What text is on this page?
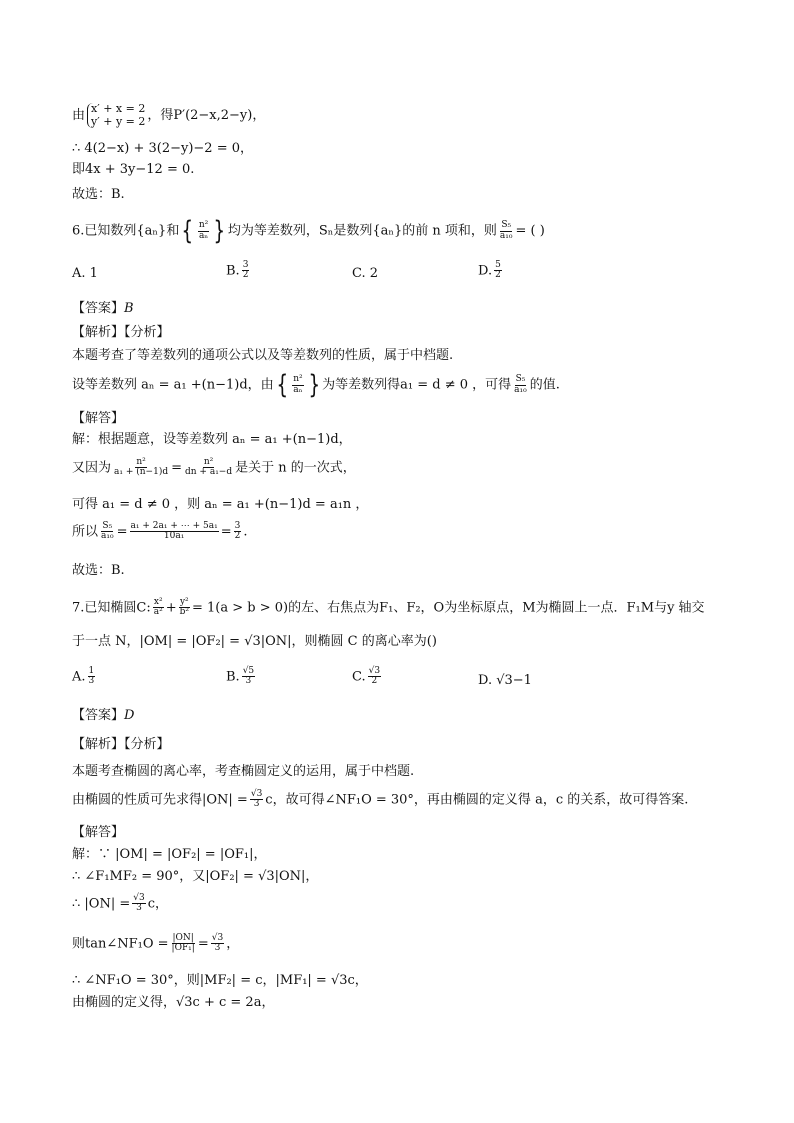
由 x′ + x = 2
y′ + y = 2 ，得P′(2−x,2−y)，
∴ 4(2−x) + 3(2−y)−2 = 0，
即4x + 3y−12 = 0.
故选：B.
6.已知数列{aₙ}和 { $\frac{\text{n²}}{\text{aₙ}}$ } 均为等差数列，Sₙ是数列{aₙ}的前 n 项和，则 $\frac{\text{S₅}}{\text{a₁₀}}$ = ( )
A. 1	B. $\frac{3}{2}$	C. 2	D. $\frac{5}{2}$
【答案】B
【解析】【分析】
本题考查了等差数列的通项公式以及等差数列的性质，属于中档题.
设等差数列 aₙ = a₁ +(n−1)d，由 { $\frac{\text{n²}}{\text{aₙ}}$ } 为等差数列得a₁ = d ≠ 0 ，可得 $\frac{\text{S₅}}{\text{a₁₀}}$ 的值.
【解答】
解：根据题意，设等差数列 aₙ = a₁ +(n−1)d，
又因为 $\frac{\text{n²}}{\text{a₁ + (n−1)d}} = \frac{\text{n²}}{\text{dn + a₁−d}}$ 是关于 n 的一次式，
可得 a₁ = d ≠ 0 ，则 aₙ = a₁ +(n−1)d = a₁n ，
所以 $\frac{\text{S₅}}{\text{a₁₀}} = \frac{\text{a₁ + 2a₁ + ⋯ + 5a₁}}{\text{10a₁}} = \frac{3}{2}$ .
故选：B.
7.已知椭圆C: $\frac{\text{x²}}{\text{a²}} + \frac{\text{y²}}{\text{b²}} = 1(a > b > 0)$的左、右焦点为F₁、F₂，O为坐标原点，M为椭圆上一点．F₁M与y 轴交
于一点 N，|OM| = |OF₂| = √3|ON|，则椭圆 C 的离心率为()
A. $\frac{1}{3}$	B. $\frac{√5}{3}$	C. $\frac{√3}{2}$	D. √3−1
【答案】D
【解析】【分析】
本题考查椭圆的离心率，考查椭圆定义的运用，属于中档题.
由椭圆的性质可先求得$|ON| = \frac{√3}{3}$ c，故可得∠NF₁O = 30°，再由椭圆的定义得 a，c 的关系，故可得答案.
【解答】
解：∵ |OM| = |OF₂| = |OF₁|，
∴ ∠F₁MF₂ = 90°，又|OF₂| = √3|ON|，
∴ $|ON| = \frac{√3}{3}$ c，
则tan∠NF₁O = $\frac{|ON|}{\text{|OF₁|}} = \frac{√3}{3}$ ，
∴ ∠NF₁O = 30°，则|MF₂| = c，|MF₁| = √3c，
由椭圆的定义得，√3c + c = 2a，
